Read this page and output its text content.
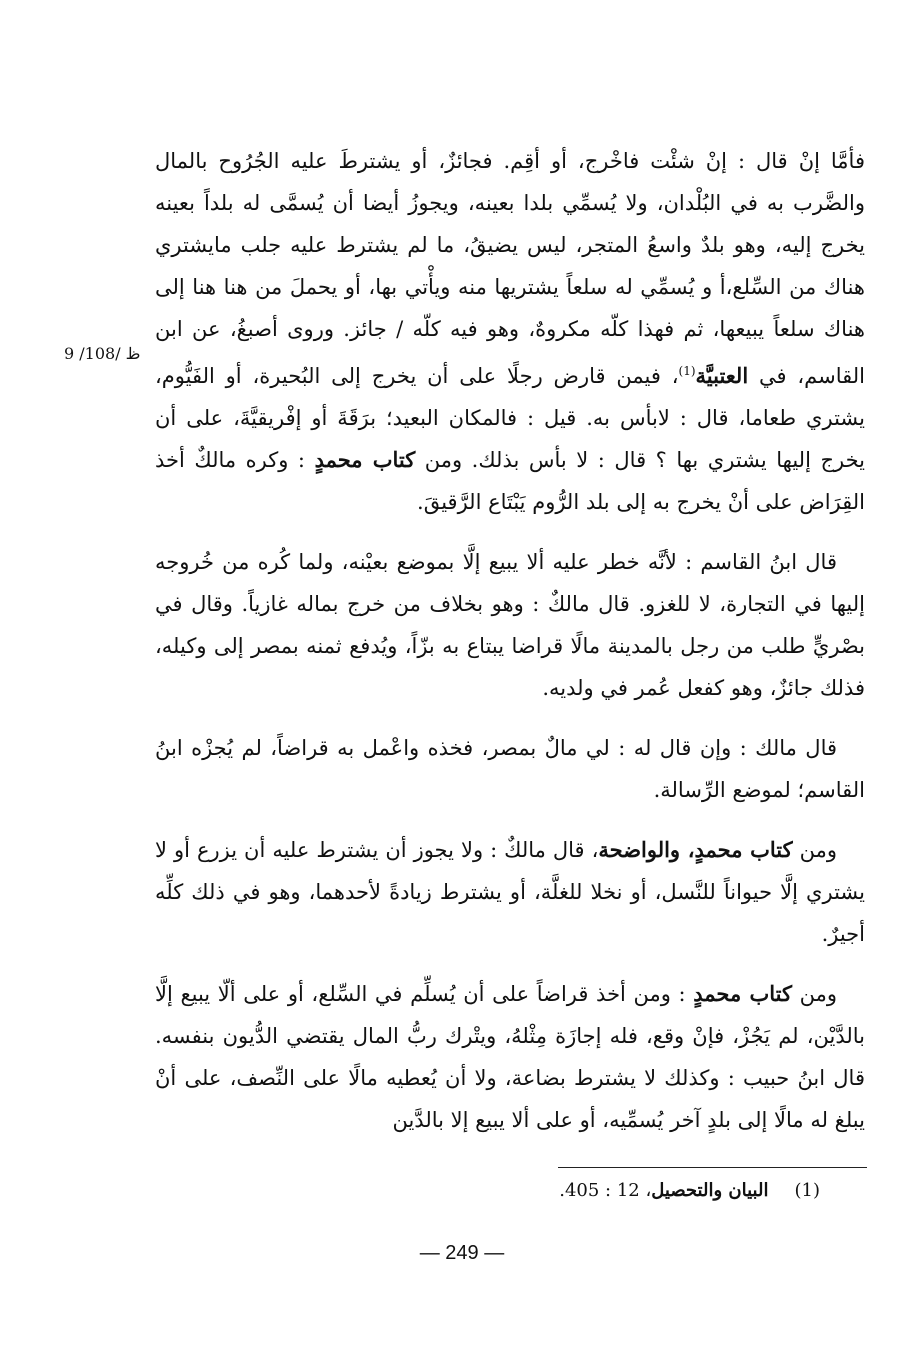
9 /108/ ظ

فأمَّا إنْ قال : إنْ شئْت فاخْرج، أو أقِم. فجائزٌ، أو يشترطَ عليه الجُرُوح بالمال والضَّرب به في البُلْدان، ولا يُسمِّي بلدا بعينه، ويجوزُ أيضا أن يُسمَّى له بلداً بعينه يخرج إليه، وهو بلدٌ واسعُ المتجر، ليس يضيقُ، ما لم يشترط عليه جلب مايشتري هناك من السِّلع،أ و يُسمِّي له سلعاً يشتريها منه ويأْتي بها، أو يحملَ من هنا هنا إلى هناك سلعاً يبيعها، ثم فهذا كلّه مكروهٌ، وهو فيه كلّه / جائز. وروى أصبغُ، عن ابن القاسم، في العتبيَّة$^{(1)}$، فيمن قارض رجلًا على أن يخرج إلى البُحيرة، أو الفَيُّوم، يشتري طعاما، قال : لابأس به. قيل : فالمكان البعيد؛ برَقَةَ أو إفْريقيَّةَ، على أن يخرج إليها يشتري بها ؟ قال : لا بأس بذلك. ومن كتاب محمدٍ : وكره مالكٌ أخذ القِرَاض على أنْ يخرج به إلى بلد الرُّوم يَبْتَاع الرَّقيقَ.

قال ابنُ القاسم : لأنَّه خطر عليه ألا يبيع إلَّا بموضع بعيْنه، ولما كُره من خُروجه إليها في التجارة، لا للغزو. قال مالكٌ : وهو بخلاف من خرج بماله غازياً. وقال في بصْريٍّ طلب من رجل بالمدينة مالًا قراضا يبتاع به بزّاً، ويُدفع ثمنه بمصر إلى وكيله، فذلك جائزٌ، وهو كفعل عُمر في ولديه.

قال مالك : وإن قال له : لي مالٌ بمصر، فخذه واعْمل به قراضاً، لم يُجزْه ابنُ القاسم؛ لموضع الرِّسالة.

ومن كتاب محمدٍ، والواضحة، قال مالكٌ : ولا يجوز أن يشترط عليه أن يزرع أو لا يشتري إلَّا حيواناً للنَّسل، أو نخلا للغلَّة، أو يشترط زيادةً لأحدهما، وهو في ذلك كلِّه أجيرٌ.

ومن كتاب محمدٍ : ومن أخذ قراضاً على أن يُسلِّم في السِّلع، أو على ألّا يبيع إلَّا بالدَّيْن، لم يَجُزْ، فإنْ وقع، فله إجازَة مِثْلهُ، ويتْرك ربُّ المال يقتضي الدُّيون بنفسه. قال ابنُ حبيب : وكذلك لا يشترط بضاعة، ولا أن يُعطيه مالًا على النِّصف، على أنْ يبلغ له مالًا إلى بلدٍ آخر يُسمِّيه، أو على ألا يبيع إلا بالدَّين

(1)البيان والتحصيل، 12 : 405.
— 249 —
